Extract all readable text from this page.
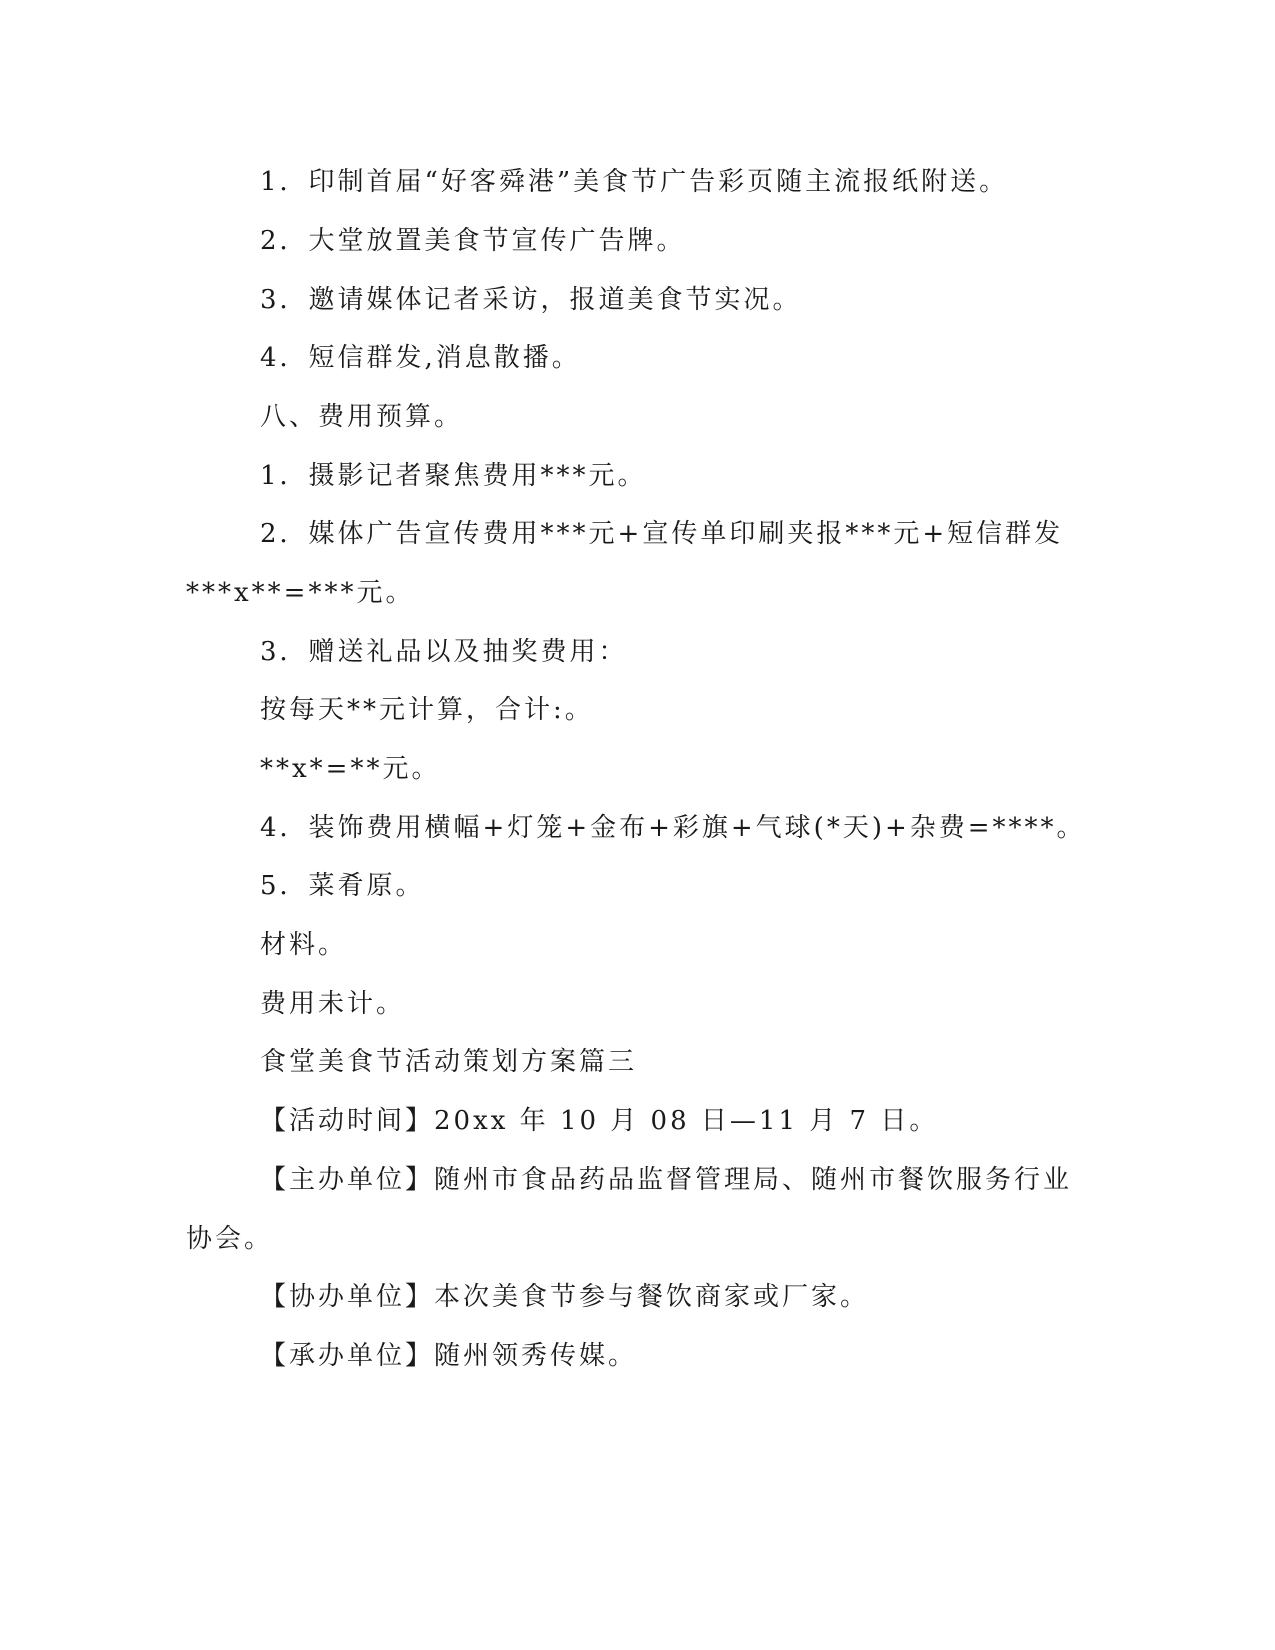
1．印制首届“好客舜港”美食节广告彩页随主流报纸附送。

2．大堂放置美食节宣传广告牌。

3．邀请媒体记者采访，报道美食节实况。

4．短信群发,消息散播。

八、费用预算。

1．摄影记者聚焦费用***元。

2．媒体广告宣传费用***元+宣传单印刷夹报***元+短信群发

***x**=***元。

3．赠送礼品以及抽奖费用：

按每天**元计算，合计:。

**x*=**元。

4．装饰费用横幅+灯笼+金布+彩旗+气球(*天)+杂费=****。

5．菜肴原。

材料。

费用未计。

食堂美食节活动策划方案篇三

【活动时间】20xx 年 10 月 08 日—11 月 7 日。

【主办单位】随州市食品药品监督管理局、随州市餐饮服务行业

协会。

【协办单位】本次美食节参与餐饮商家或厂家。

【承办单位】随州领秀传媒。
